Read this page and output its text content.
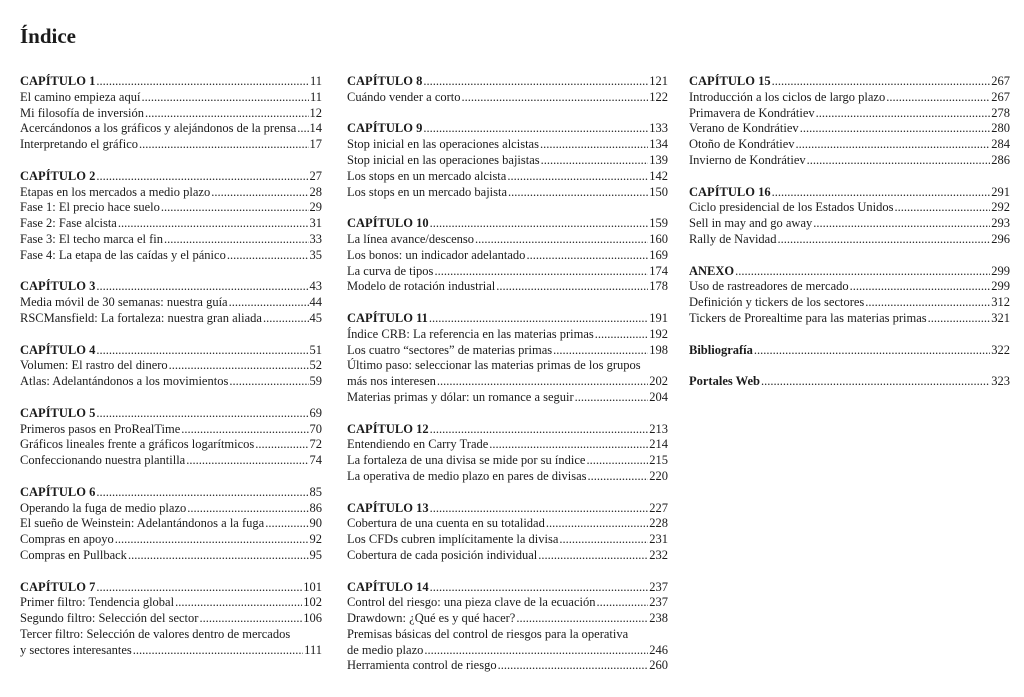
Índice
CAPÍTULO 1 .....	11
El camino empieza aquí .....	11
Mi filosofía de inversión .....	12
Acercándonos a los gráficos y alejándonos de la prensa ..... 14
Interpretando el gráfico .....	17
CAPÍTULO 2 .....	27
Etapas en los mercados a medio plazo .....	28
Fase 1: El precio hace suelo .....	29
Fase 2: Fase alcista .....	31
Fase 3: El techo marca el fin .....	33
Fase 4: La etapa de las caídas y el pánico .....	35
CAPÍTULO 3 .....	43
Media móvil de 30 semanas: nuestra guía .....	44
RSCMansfield: La fortaleza: nuestra gran aliada .....	45
CAPÍTULO 4 .....	51
Volumen: El rastro del dinero .....	52
Atlas: Adelantándonos a los movimientos .....	59
CAPÍTULO 5 .....	69
Primeros pasos en ProRealTime .....	70
Gráficos lineales frente a gráficos logarítmicos .....	72
Confeccionando nuestra plantilla .....	74
CAPÍTULO 6 .....	85
Operando la fuga de medio plazo .....	86
El sueño de Weinstein: Adelantándonos a la fuga .....	90
Compras en apoyo .....	92
Compras en Pullback .....	95
CAPÍTULO 7 .....	101
Primer filtro: Tendencia global .....	102
Segundo filtro: Selección del sector .....	106
Tercer filtro: Selección de valores dentro de mercados
y sectores interesantes .....	111
CAPÍTULO 8 .....	121
Cuándo vender a corto .....	122
CAPÍTULO 9 .....	133
Stop inicial en las operaciones alcistas .....	134
Stop inicial en las operaciones bajistas .....	139
Los stops en un mercado alcista .....	142
Los stops en un mercado bajista .....	150
CAPÍTULO 10 .....	159
La línea avance/descenso .....	160
Los bonos: un indicador adelantado .....	169
La curva de tipos .....	174
Modelo de rotación industrial .....	178
CAPÍTULO 11 .....	191
Índice CRB: La referencia en las materias primas .....	192
Los cuatro “sectores” de materias primas .....	198
Último paso: seleccionar las materias primas de los grupos
más nos interesen .....	202
Materias primas y dólar: un romance a seguir .....	204
CAPÍTULO 12 .....	213
Entendiendo en Carry Trade .....	214
La fortaleza de una divisa se mide por su índice .....	215
La operativa de medio plazo en pares de divisas .....	220
CAPÍTULO 13 .....	227
Cobertura de una cuenta en su totalidad .....	228
Los CFDs cubren implícitamente la divisa .....	231
Cobertura de cada posición individual .....	232
CAPÍTULO 14 .....	237
Control del riesgo: una pieza clave de la ecuación .....	237
Drawdown: ¿Qué es y qué hacer? .....	238
Premisas básicas del control de riesgos para la operativa
de medio plazo .....	246
Herramienta control de riesgo .....	260
CAPÍTULO 15 .....	267
Introducción a los ciclos de largo plazo .....	267
Primavera de Kondrátiev .....	278
Verano de Kondrátiev .....	280
Otoño de Kondrátiev .....	284
Invierno de Kondrátiev .....	286
CAPÍTULO 16 .....	291
Ciclo presidencial de los Estados Unidos .....	292
Sell in may and go away .....	293
Rally de Navidad .....	296
ANEXO .....	299
Uso de rastreadores de mercado .....	299
Definición y tickers de los sectores .....	312
Tickers de Prorealtime para las materias primas .....	321
Bibliografía .....	322
Portales Web .....	323
